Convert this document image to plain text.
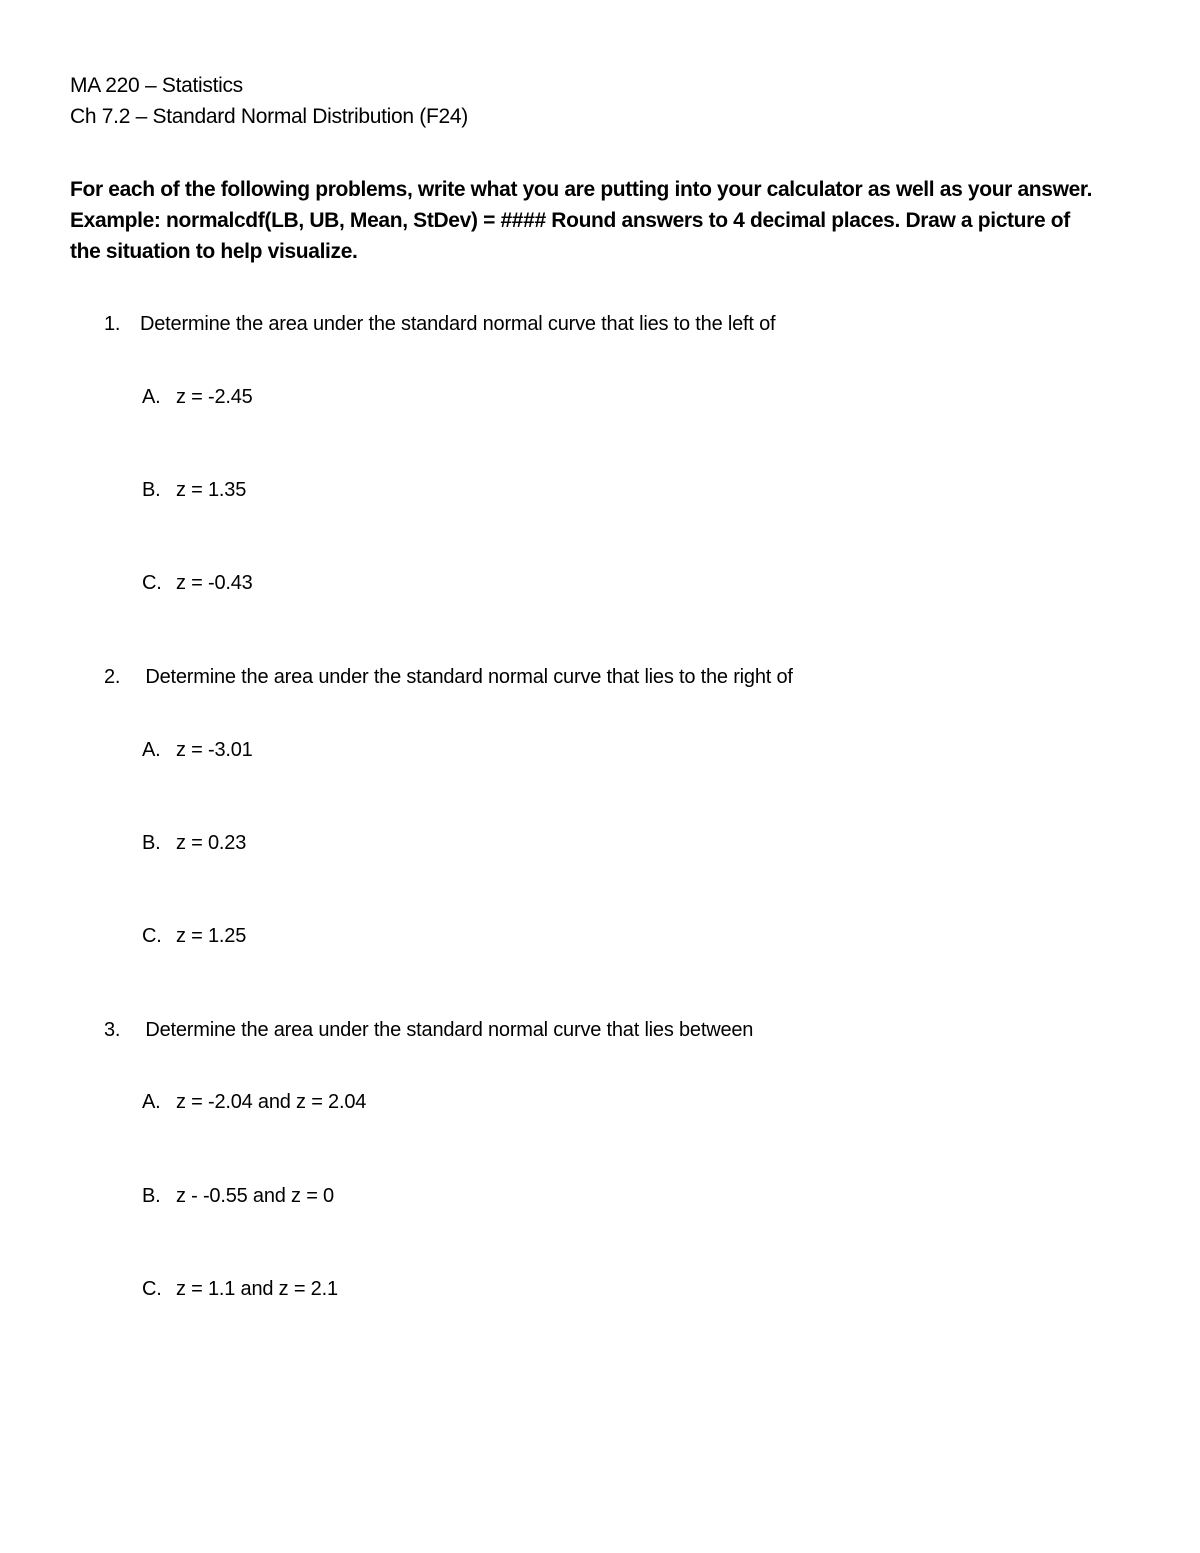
MA 220 – Statistics
Ch 7.2 – Standard Normal Distribution (F24)
For each of the following problems, write what you are putting into your calculator as well as your answer.
Example: normalcdf(LB, UB, Mean, StDev) = #### Round answers to 4 decimal places. Draw a picture of
the situation to help visualize.
1. Determine the area under the standard normal curve that lies to the left of
A. z = -2.45
B. z = 1.35
C. z = -0.43
2. Determine the area under the standard normal curve that lies to the right of
A. z = -3.01
B. z = 0.23
C. z = 1.25
3. Determine the area under the standard normal curve that lies between
A. z = -2.04 and z = 2.04
B. z - -0.55 and z = 0
C. z = 1.1 and z = 2.1
